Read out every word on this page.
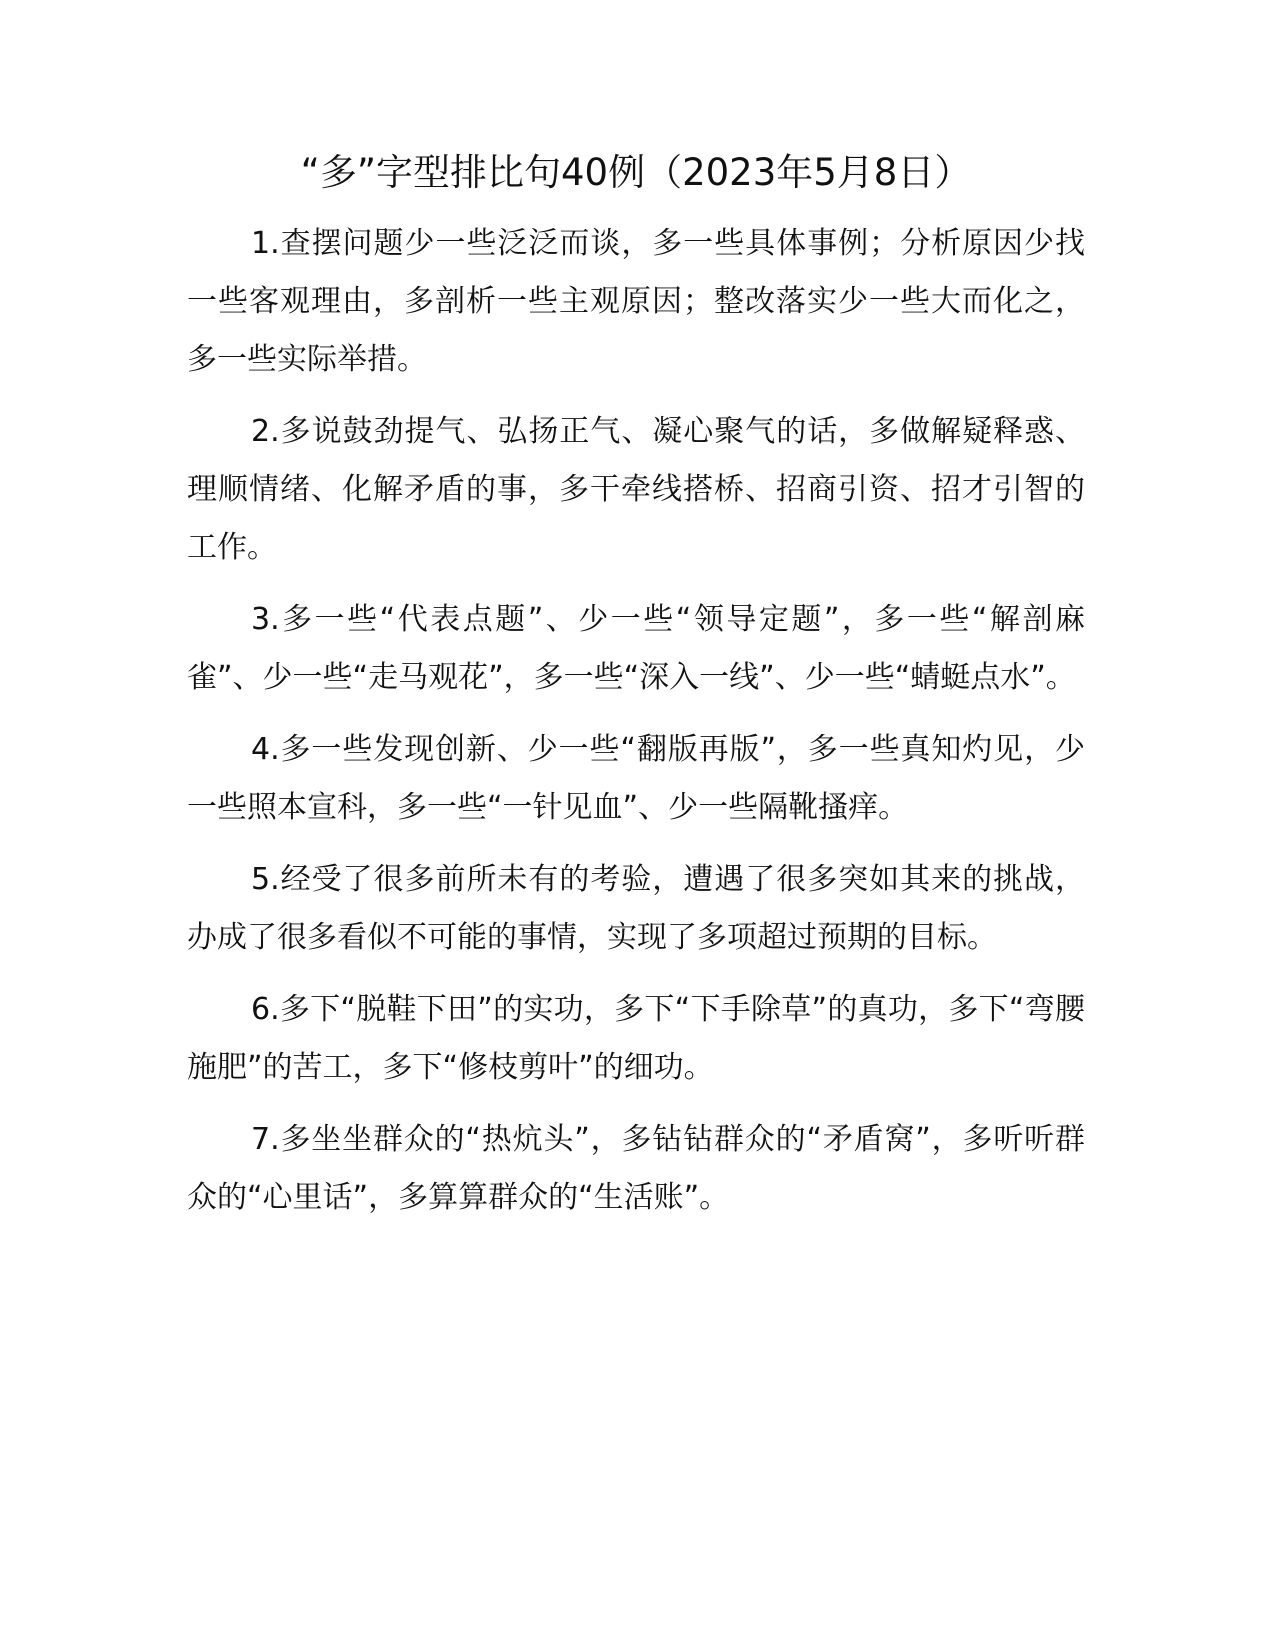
“多”字型排比句40例（2023年5月8日）

1.查摆问题少一些泛泛而谈，多一些具体事例；分析原因少找一些客观理由，多剖析一些主观原因；整改落实少一些大而化之，多一些实际举措。

2.多说鼓劲提气、弘扬正气、凝心聚气的话，多做解疑释惑、理顺情绪、化解矛盾的事，多干牵线搭桥、招商引资、招才引智的工作。

3.多一些“代表点题”、少一些“领导定题”，多一些“解剖麻雀”、少一些“走马观花”，多一些“深入一线”、少一些“蜻蜓点水”。

4.多一些发现创新、少一些“翻版再版”，多一些真知灼见，少一些照本宣科，多一些“一针见血”、少一些隔靴搔痒。

5.经受了很多前所未有的考验，遭遇了很多突如其来的挑战，办成了很多看似不可能的事情，实现了多项超过预期的目标。

6.多下“脱鞋下田”的实功，多下“下手除草”的真功，多下“弯腰施肥”的苦工，多下“修枝剪叶”的细功。

7.多坐坐群众的“热炕头”，多钻钻群众的“矛盾窝”，多听听群众的“心里话”，多算算群众的“生活账”。
